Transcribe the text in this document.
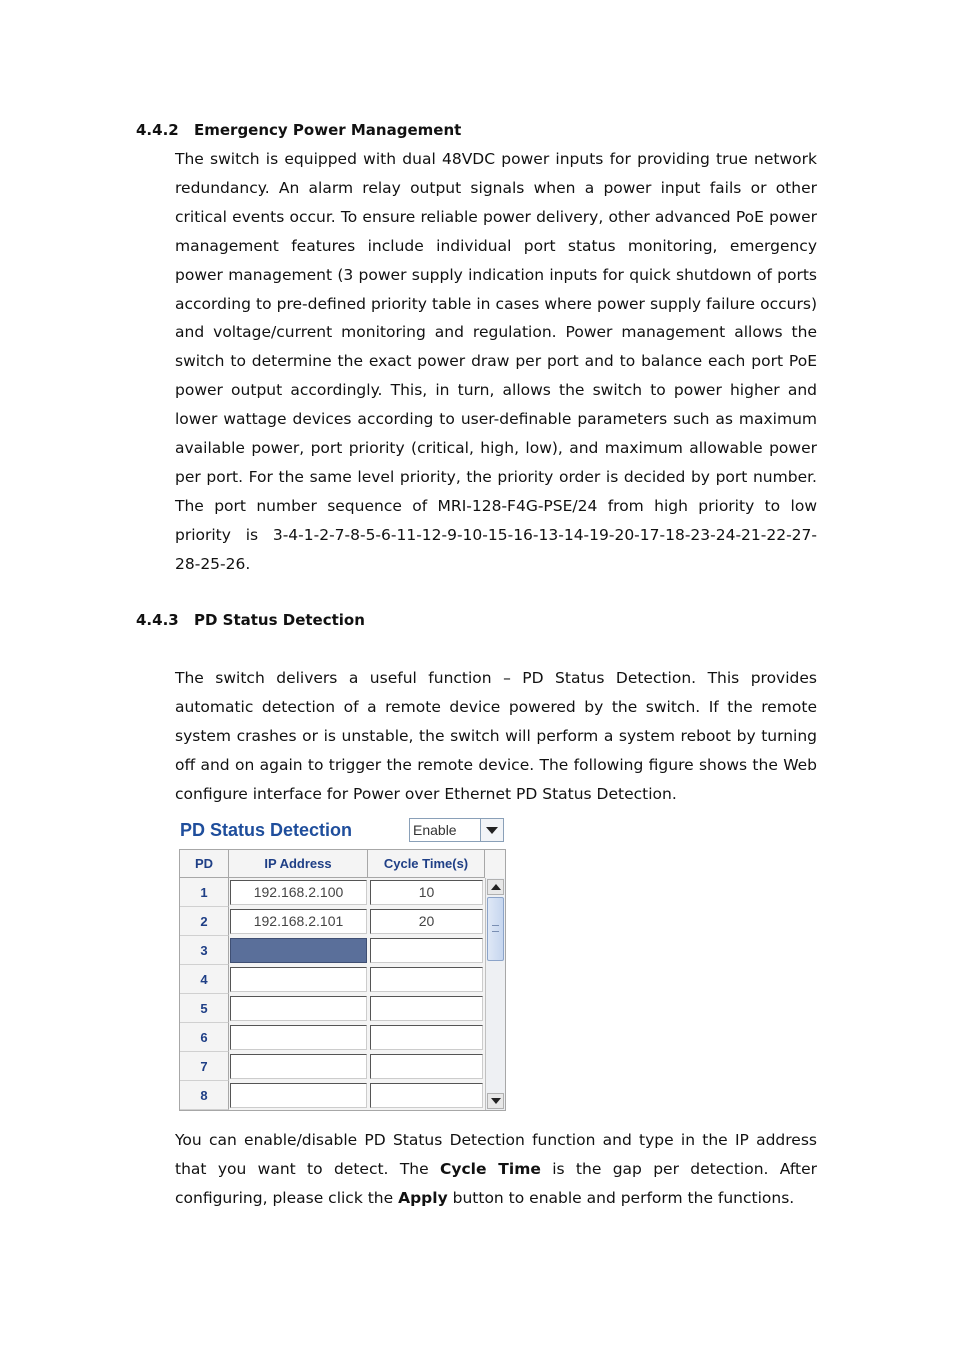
4.4.2 Emergency Power Management

The switch is equipped with dual 48VDC power inputs for providing true network redundancy. An alarm relay output signals when a power input fails or other critical events occur. To ensure reliable power delivery, other advanced PoE power management features include individual port status monitoring, emergency power management (3 power supply indication inputs for quick shutdown of ports according to pre-defined priority table in cases where power supply failure occurs) and voltage/current monitoring and regulation. Power management allows the switch to determine the exact power draw per port and to balance each port PoE power output accordingly. This, in turn, allows the switch to power higher and lower wattage devices according to user-definable parameters such as maximum available power, port priority (critical, high, low), and maximum allowable power per port. For the same level priority, the priority order is decided by port number. The port number sequence of MRI-128-F4G-PSE/24 from high priority to low priority is 3-4-1-2-7-8-5-6-11-12-9-10-15-16-13-14-19-20-17-18-23-24-21-22-27-28-25-26.

4.4.3 PD Status Detection

The switch delivers a useful function – PD Status Detection. This provides automatic detection of a remote device powered by the switch. If the remote system crashes or is unstable, the switch will perform a system reboot by turning off and on again to trigger the remote device. The following figure shows the Web configure interface for Power over Ethernet PD Status Detection.

PD Status Detection	Enable
PD	IP Address	Cycle Time(s)
1	192.168.2.100	10
2	192.168.2.101	20
3
4
5
6
7
8

You can enable/disable PD Status Detection function and type in the IP address that you want to detect. The Cycle Time is the gap per detection. After configuring, please click the Apply button to enable and perform the functions.
